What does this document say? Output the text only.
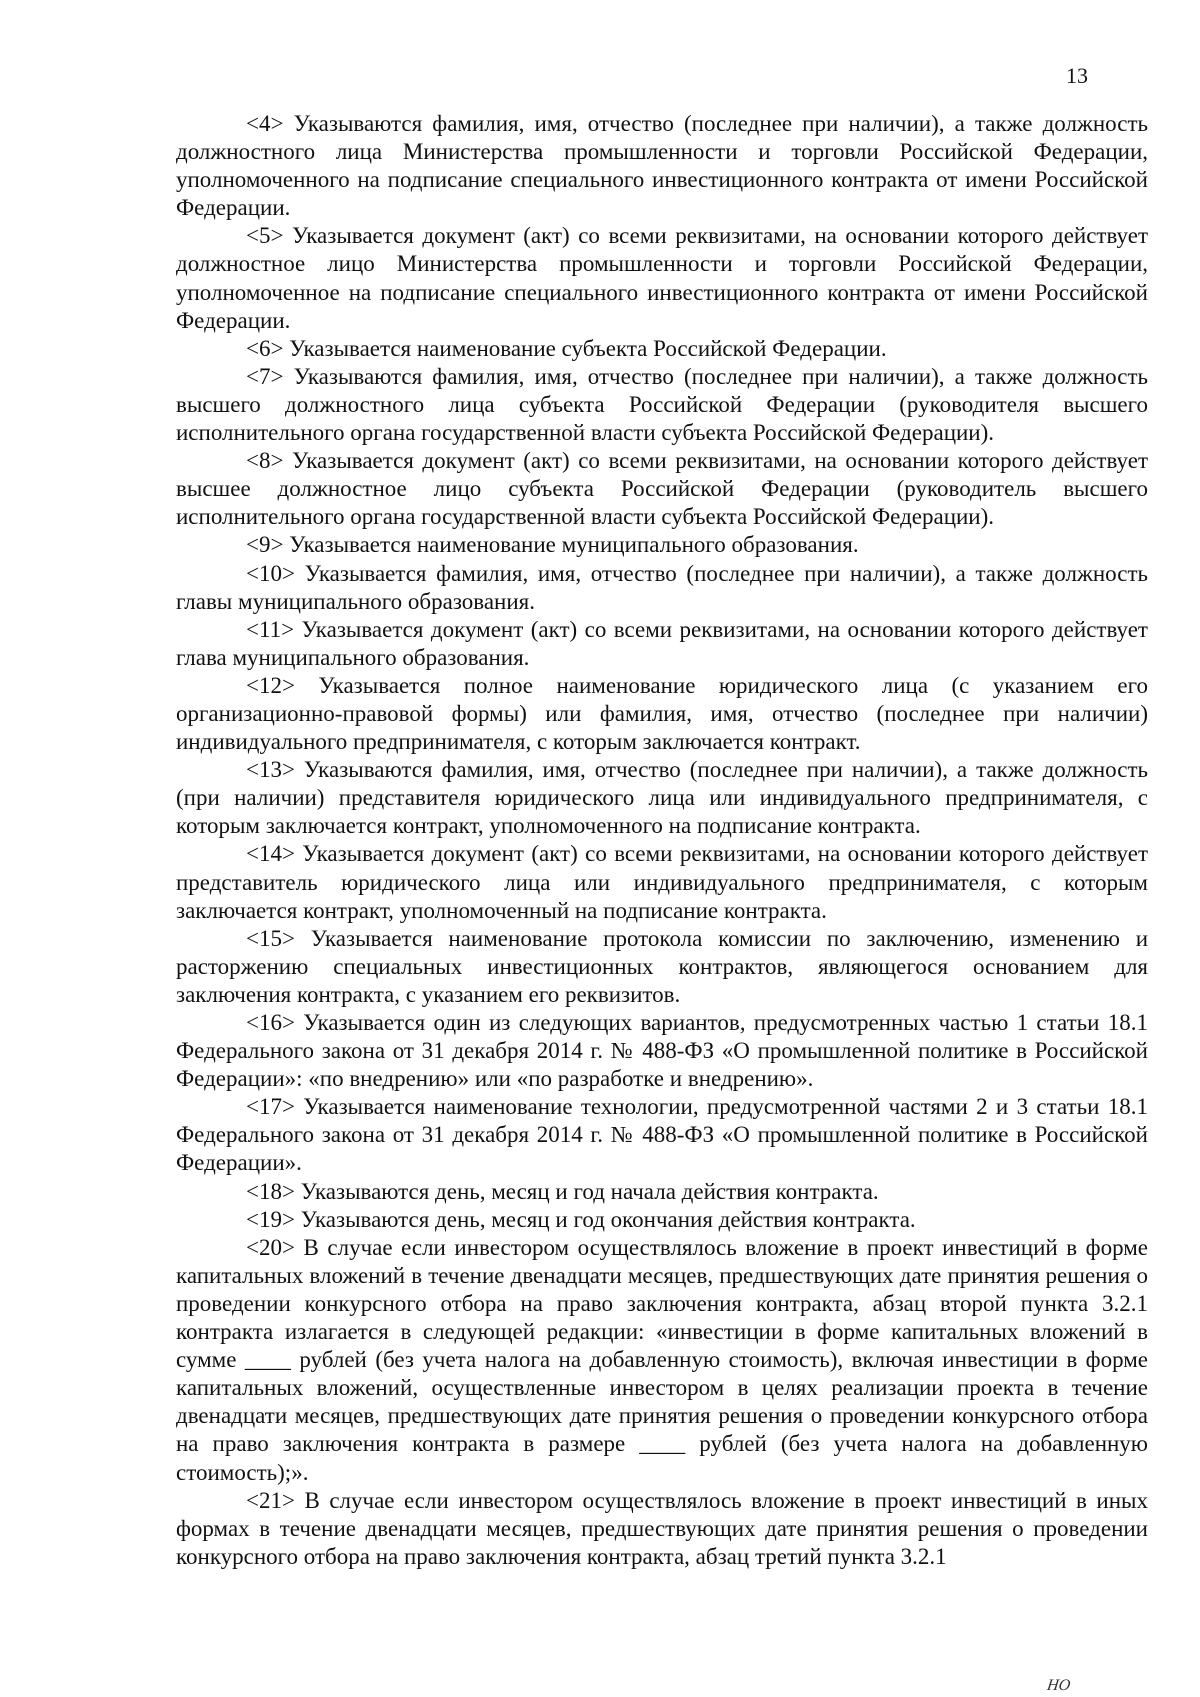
13

<4> Указываются фамилия, имя, отчество (последнее при наличии), а также должность должностного лица Министерства промышленности и торговли Российской Федерации, уполномоченного на подписание специального инвестиционного контракта от имени Российской Федерации.

<5> Указывается документ (акт) со всеми реквизитами, на основании которого действует должностное лицо Министерства промышленности и торговли Российской Федерации, уполномоченное на подписание специального инвестиционного контракта от имени Российской Федерации.

<6> Указывается наименование субъекта Российской Федерации.

<7> Указываются фамилия, имя, отчество (последнее при наличии), а также должность высшего должностного лица субъекта Российской Федерации (руководителя высшего исполнительного органа государственной власти субъекта Российской Федерации).

<8> Указывается документ (акт) со всеми реквизитами, на основании которого действует высшее должностное лицо субъекта Российской Федерации (руководитель высшего исполнительного органа государственной власти субъекта Российской Федерации).

<9> Указывается наименование муниципального образования.

<10> Указывается фамилия, имя, отчество (последнее при наличии), а также должность главы муниципального образования.

<11> Указывается документ (акт) со всеми реквизитами, на основании которого действует глава муниципального образования.

<12> Указывается полное наименование юридического лица (с указанием его организационно-правовой формы) или фамилия, имя, отчество (последнее при наличии) индивидуального предпринимателя, с которым заключается контракт.

<13> Указываются фамилия, имя, отчество (последнее при наличии), а также должность (при наличии) представителя юридического лица или индивидуального предпринимателя, с которым заключается контракт, уполномоченного на подписание контракта.

<14> Указывается документ (акт) со всеми реквизитами, на основании которого действует представитель юридического лица или индивидуального предпринимателя, с которым заключается контракт, уполномоченный на подписание контракта.

<15> Указывается наименование протокола комиссии по заключению, изменению и расторжению специальных инвестиционных контрактов, являющегося основанием для заключения контракта, с указанием его реквизитов.

<16> Указывается один из следующих вариантов, предусмотренных частью 1 статьи 18.1 Федерального закона от 31 декабря 2014 г. № 488-ФЗ «О промышленной политике в Российской Федерации»: «по внедрению» или «по разработке и внедрению».

<17> Указывается наименование технологии, предусмотренной частями 2 и 3 статьи 18.1 Федерального закона от 31 декабря 2014 г. № 488-ФЗ «О промышленной политике в Российской Федерации».

<18> Указываются день, месяц и год начала действия контракта.

<19> Указываются день, месяц и год окончания действия контракта.

<20> В случае если инвестором осуществлялось вложение в проект инвестиций в форме капитальных вложений в течение двенадцати месяцев, предшествующих дате принятия решения о проведении конкурсного отбора на право заключения контракта, абзац второй пункта 3.2.1 контракта излагается в следующей редакции: «инвестиции в форме капитальных вложений в сумме ____ рублей (без учета налога на добавленную стоимость), включая инвестиции в форме капитальных вложений, осуществленные инвестором в целях реализации проекта в течение двенадцати месяцев, предшествующих дате принятия решения о проведении конкурсного отбора на право заключения контракта в размере ____ рублей (без учета налога на добавленную стоимость);».

<21> В случае если инвестором осуществлялось вложение в проект инвестиций в иных формах в течение двенадцати месяцев, предшествующих дате принятия решения о проведении конкурсного отбора на право заключения контракта, абзац третий пункта 3.2.1

НО
